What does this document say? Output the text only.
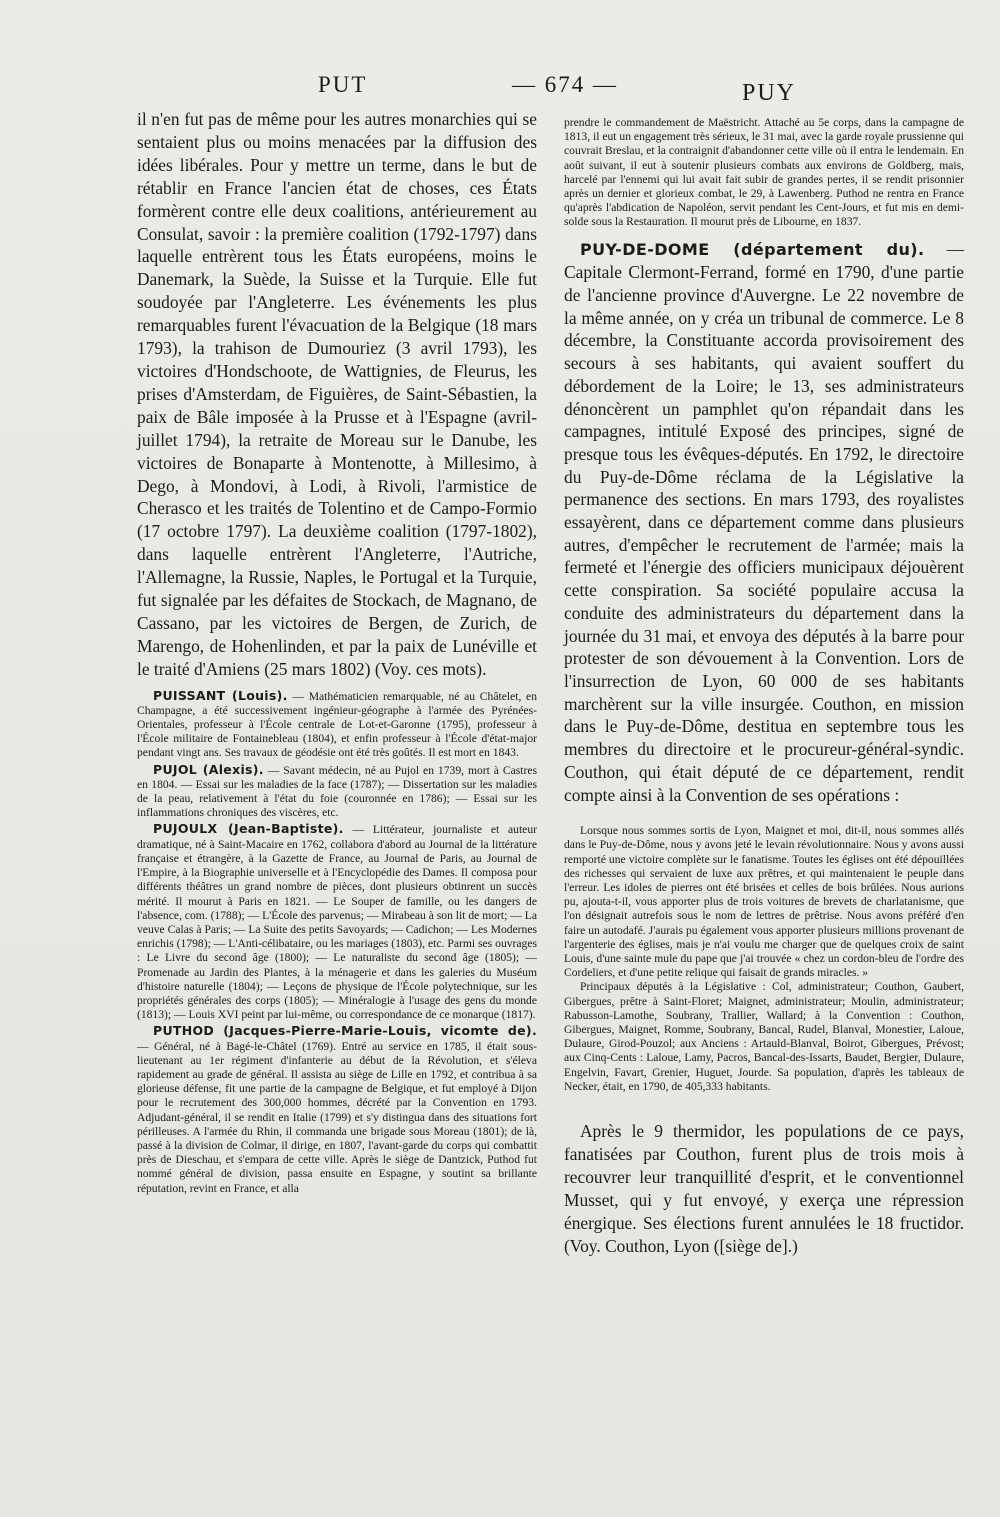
PUT	— 674 —	PUY

il n'en fut pas de même pour les autres monarchies qui se sentaient plus ou moins menacées par la diffusion des idées libérales. Pour y mettre un terme, dans le but de rétablir en France l'ancien état de choses, ces États formèrent contre elle deux coalitions, antérieurement au Consulat, savoir : la première coalition (1792-1797) dans laquelle entrèrent tous les États européens, moins le Danemark, la Suède, la Suisse et la Turquie. Elle fut soudoyée par l'Angleterre. Les événements les plus remarquables furent l'évacuation de la Belgique (18 mars 1793), la trahison de Dumouriez (3 avril 1793), les victoires d'Hondschoote, de Wattignies, de Fleurus, les prises d'Amsterdam, de Figuières, de Saint-Sébastien, la paix de Bâle imposée à la Prusse et à l'Espagne (avril-juillet 1794), la retraite de Moreau sur le Danube, les victoires de Bonaparte à Montenotte, à Millesimo, à Dego, à Mondovi, à Lodi, à Rivoli, l'armistice de Cherasco et les traités de Tolentino et de Campo-Formio (17 octobre 1797). La deuxième coalition (1797-1802), dans laquelle entrèrent l'Angleterre, l'Autriche, l'Allemagne, la Russie, Naples, le Portugal et la Turquie, fut signalée par les défaites de Stockach, de Magnano, de Cassano, par les victoires de Bergen, de Zurich, de Marengo, de Hohenlinden, et par la paix de Lunéville et le traité d'Amiens (25 mars 1802) (Voy. ces mots).

PUISSANT (Louis). — Mathématicien remarquable, né au Châtelet, en Champagne, a été successivement ingénieur-géographe à l'armée des Pyrénées-Orientales, professeur à l'École centrale de Lot-et-Garonne (1795), professeur à l'École militaire de Fontainebleau (1804), et enfin professeur à l'École d'état-major pendant vingt ans. Ses travaux de géodésie ont été très goûtés. Il est mort en 1843.

PUJOL (Alexis). — Savant médecin, né au Pujol en 1739, mort à Castres en 1804. — Essai sur les maladies de la face (1787); — Dissertation sur les maladies de la peau, relativement à l'état du foie (couronnée en 1786); — Essai sur les inflammations chroniques des viscères, etc.

PUJOULX (Jean-Baptiste). — Littérateur, journaliste et auteur dramatique, né à Saint-Macaire en 1762, collabora d'abord au Journal de la littérature française et étrangère, à la Gazette de France, au Journal de Paris, au Journal de l'Empire, à la Biographie universelle et à l'Encyclopédie des Dames. Il composa pour différents théâtres un grand nombre de pièces, dont plusieurs obtinrent un succès mérité. Il mourut à Paris en 1821. — Le Souper de famille, ou les dangers de l'absence, com. (1788); — L'École des parvenus; — Mirabeau à son lit de mort; — La veuve Calas à Paris; — La Suite des petits Savoyards; — Cadichon; — Les Modernes enrichis (1798); — L'Anti-célibataire, ou les mariages (1803), etc. Parmi ses ouvrages : Le Livre du second âge (1800); — Le naturaliste du second âge (1805); — Promenade au Jardin des Plantes, à la ménagerie et dans les galeries du Muséum d'histoire naturelle (1804); — Leçons de physique de l'École polytechnique, sur les propriétés générales des corps (1805); — Minéralogie à l'usage des gens du monde (1813); — Louis XVI peint par lui-même, ou correspondance de ce monarque (1817).

PUTHOD (Jacques-Pierre-Marie-Louis, vicomte de). — Général, né à Bagé-le-Châtel (1769). Entré au service en 1785, il était sous-lieutenant au 1er régiment d'infanterie au début de la Révolution, et s'éleva rapidement au grade de général. Il assista au siège de Lille en 1792, et contribua à sa glorieuse défense, fit une partie de la campagne de Belgique, et fut employé à Dijon pour le recrutement des 300,000 hommes, décrété par la Convention en 1793. Adjudant-général, il se rendit en Italie (1799) et s'y distingua dans des situations fort périlleuses. A l'armée du Rhin, il commanda une brigade sous Moreau (1801); de là, passé à la division de Colmar, il dirige, en 1807, l'avant-garde du corps qui combattit près de Dieschau, et s'empara de cette ville. Après le siège de Dantzick, Puthod fut nommé général de division, passa ensuite en Espagne, y soutint sa brillante réputation, revint en France, et alla

prendre le commandement de Maëstricht. Attaché au 5e corps, dans la campagne de 1813, il eut un engagement très sérieux, le 31 mai, avec la garde royale prussienne qui couvrait Breslau, et la contraignit d'abandonner cette ville où il entra le lendemain. En août suivant, il eut à soutenir plusieurs combats aux environs de Goldberg, mais, harcelé par l'ennemi qui lui avait fait subir de grandes pertes, il se rendit prisonnier après un dernier et glorieux combat, le 29, à Lawenberg. Puthod ne rentra en France qu'après l'abdication de Napoléon, servit pendant les Cent-Jours, et fut mis en demi-solde sous la Restauration. Il mourut près de Libourne, en 1837.

PUY-DE-DOME (département du). — Capitale Clermont-Ferrand, formé en 1790, d'une partie de l'ancienne province d'Auvergne. Le 22 novembre de la même année, on y créa un tribunal de commerce. Le 8 décembre, la Constituante accorda provisoirement des secours à ses habitants, qui avaient souffert du débordement de la Loire; le 13, ses administrateurs dénoncèrent un pamphlet qu'on répandait dans les campagnes, intitulé Exposé des principes, signé de presque tous les évêques-députés. En 1792, le directoire du Puy-de-Dôme réclama de la Législative la permanence des sections. En mars 1793, des royalistes essayèrent, dans ce département comme dans plusieurs autres, d'empêcher le recrutement de l'armée; mais la fermeté et l'énergie des officiers municipaux déjouèrent cette conspiration. Sa société populaire accusa la conduite des administrateurs du département dans la journée du 31 mai, et envoya des députés à la barre pour protester de son dévouement à la Convention. Lors de l'insurrection de Lyon, 60 000 de ses habitants marchèrent sur la ville insurgée. Couthon, en mission dans le Puy-de-Dôme, destitua en septembre tous les membres du directoire et le procureur-général-syndic. Couthon, qui était député de ce département, rendit compte ainsi à la Convention de ses opérations :

Lorsque nous sommes sortis de Lyon, Maignet et moi, dit-il, nous sommes allés dans le Puy-de-Dôme, nous y avons jeté le levain révolutionnaire. Nous y avons aussi remporté une victoire complète sur le fanatisme. Toutes les églises ont été dépouillées des richesses qui servaient de luxe aux prêtres, et qui maintenaient le peuple dans l'erreur. Les idoles de pierres ont été brisées et celles de bois brûlées. Nous aurions pu, ajouta-t-il, vous apporter plus de trois voitures de brevets de charlatanisme, que l'on désignait autrefois sous le nom de lettres de prêtrise. Nous avons préféré d'en faire un autodafé. J'aurais pu également vous apporter plusieurs millions provenant de l'argenterie des églises, mais je n'ai voulu me charger que de quelques croix de saint Louis, d'une sainte mule du pape que j'ai trouvée « chez un cordon-bleu de l'ordre des Cordeliers, et d'une petite relique qui faisait de grands miracles. »

Principaux députés à la Législative : Col, administrateur; Couthon, Gaubert, Gibergues, prêtre à Saint-Floret; Maignet, administrateur; Moulin, administrateur; Rabusson-Lamothe, Soubrany, Trallier, Wallard; à la Convention : Couthon, Gibergues, Maignet, Romme, Soubrany, Bancal, Rudel, Blanval, Monestier, Laloue, Dulaure, Girod-Pouzol; aux Anciens : Artauld-Blanval, Boirot, Gibergues, Prévost; aux Cinq-Cents : Laloue, Lamy, Pacros, Bancal-des-Issarts, Baudet, Bergier, Dulaure, Engelvin, Favart, Grenier, Huguet, Jourde. Sa population, d'après les tableaux de Necker, était, en 1790, de 405,333 habitants.

Après le 9 thermidor, les populations de ce pays, fanatisées par Couthon, furent plus de trois mois à recouvrer leur tranquillité d'esprit, et le conventionnel Musset, qui y fut envoyé, y exerça une répression énergique. Ses élections furent annulées le 18 fructidor. (Voy. Couthon, Lyon ([siège de].)
